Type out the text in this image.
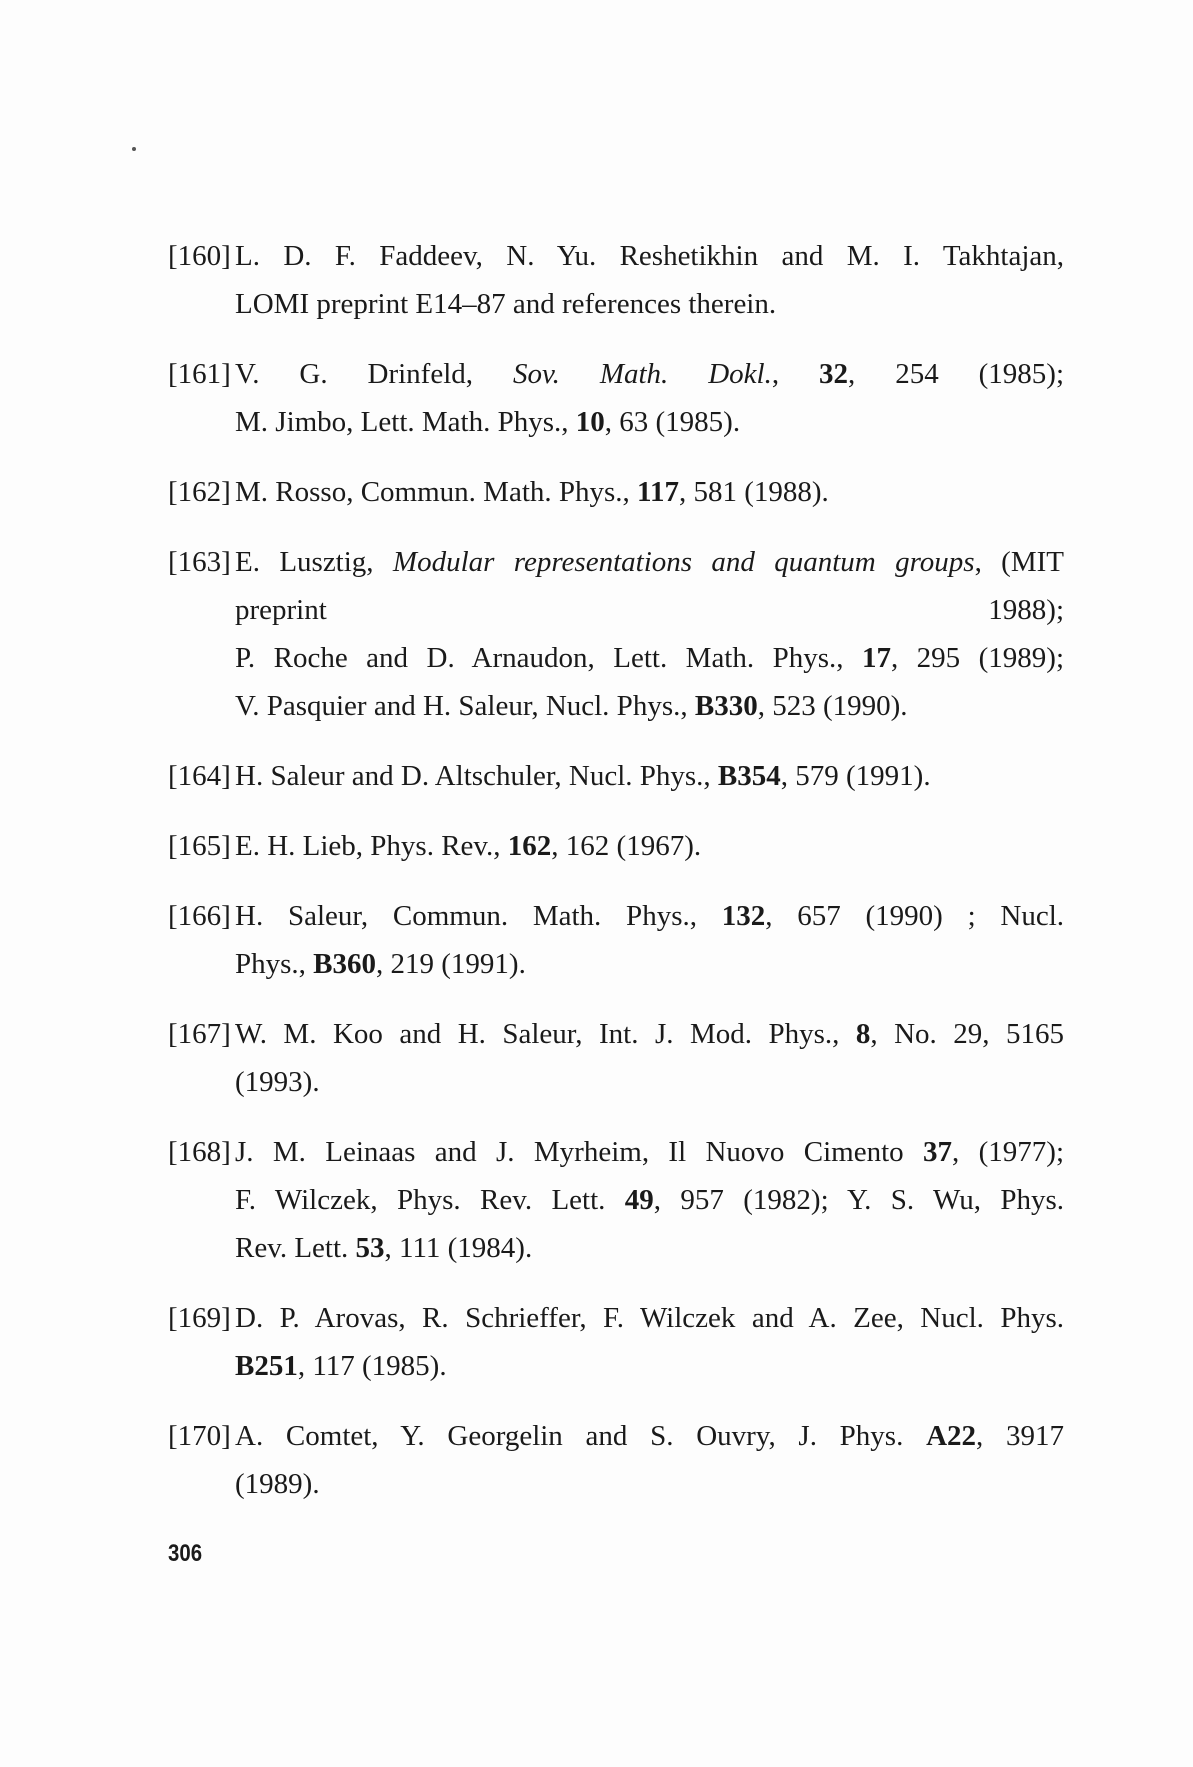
[160] L. D. F. Faddeev, N. Yu. Reshetikhin and M. I. Takhtajan,
LOMI preprint E14–87 and references therein.
[161] V. G. Drinfeld, Sov. Math. Dokl., 32, 254 (1985);
M. Jimbo, Lett. Math. Phys., 10, 63 (1985).
[162] M. Rosso, Commun. Math. Phys., 117, 581 (1988).
[163] E. Lusztig, Modular representations and quantum groups, (MIT
preprint 1988);
P. Roche and D. Arnaudon, Lett. Math. Phys., 17, 295 (1989);
V. Pasquier and H. Saleur, Nucl. Phys., B330, 523 (1990).
[164] H. Saleur and D. Altschuler, Nucl. Phys., B354, 579 (1991).
[165] E. H. Lieb, Phys. Rev., 162, 162 (1967).
[166] H. Saleur, Commun. Math. Phys., 132, 657 (1990) ; Nucl.
Phys., B360, 219 (1991).
[167] W. M. Koo and H. Saleur, Int. J. Mod. Phys., 8, No. 29, 5165
(1993).
[168] J. M. Leinaas and J. Myrheim, Il Nuovo Cimento 37, (1977);
F. Wilczek, Phys. Rev. Lett. 49, 957 (1982); Y. S. Wu, Phys.
Rev. Lett. 53, 111 (1984).
[169] D. P. Arovas, R. Schrieffer, F. Wilczek and A. Zee, Nucl. Phys.
B251, 117 (1985).
[170] A. Comtet, Y. Georgelin and S. Ouvry, J. Phys. A22, 3917
(1989).
306
